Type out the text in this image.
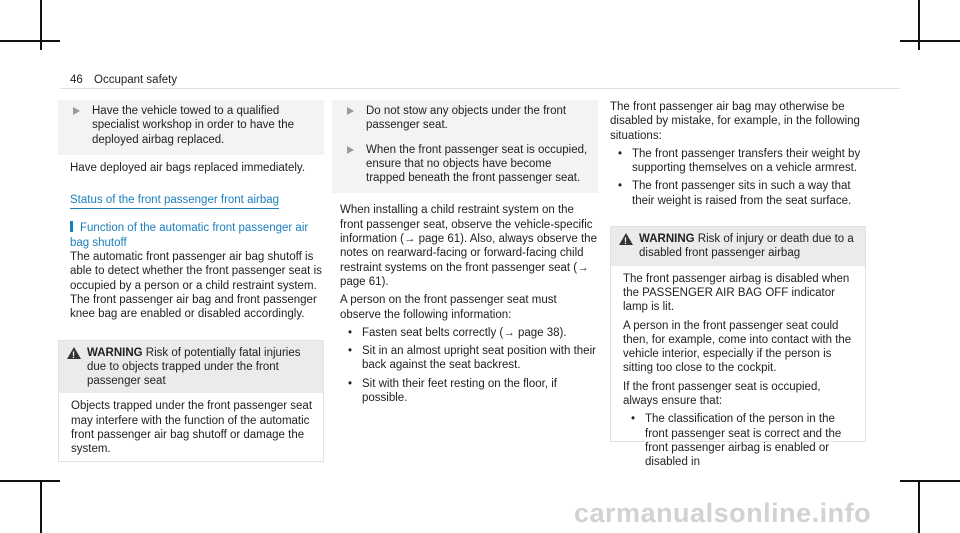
46 Occupant safety

Have the vehicle towed to a qualified specialist workshop in order to have the deployed airbag replaced.

Have deployed air bags replaced immediately.

Status of the front passenger front airbag

Function of the automatic front passenger air bag shutoff

The automatic front passenger air bag shutoff is able to detect whether the front passenger seat is occupied by a person or a child restraint system. The front passenger air bag and front passenger knee bag are enabled or disabled accordingly.

!
WARNING Risk of potentially fatal injuries due to objects trapped under the front passenger seat

Objects trapped under the front passenger seat may interfere with the function of the automatic front passenger air bag shutoff or damage the system.

Do not stow any objects under the front passenger seat.

When the front passenger seat is occupied, ensure that no objects have become trapped beneath the front passenger seat.

When installing a child restraint system on the front passenger seat, observe the vehicle-specific information (→ page 61). Also, always observe the notes on rearward-facing or forward-facing child restraint systems on the front passenger seat (→ page 61).

A person on the front passenger seat must observe the following information:

• Fasten seat belts correctly (→ page 38).

• Sit in an almost upright seat position with their back against the seat backrest.

• Sit with their feet resting on the floor, if possible.

The front passenger air bag may otherwise be disabled by mistake, for example, in the following situations:

• The front passenger transfers their weight by supporting themselves on a vehicle armrest.

• The front passenger sits in such a way that their weight is raised from the seat surface.

!
WARNING Risk of injury or death due to a disabled front passenger airbag

The front passenger airbag is disabled when the PASSENGER AIR BAG OFF indicator lamp is lit.

A person in the front passenger seat could then, for example, come into contact with the vehicle interior, especially if the person is sitting too close to the cockpit.

If the front passenger seat is occupied, always ensure that:

• The classification of the person in the front passenger seat is correct and the front passenger airbag is enabled or disabled in

carmanualsonline.info
